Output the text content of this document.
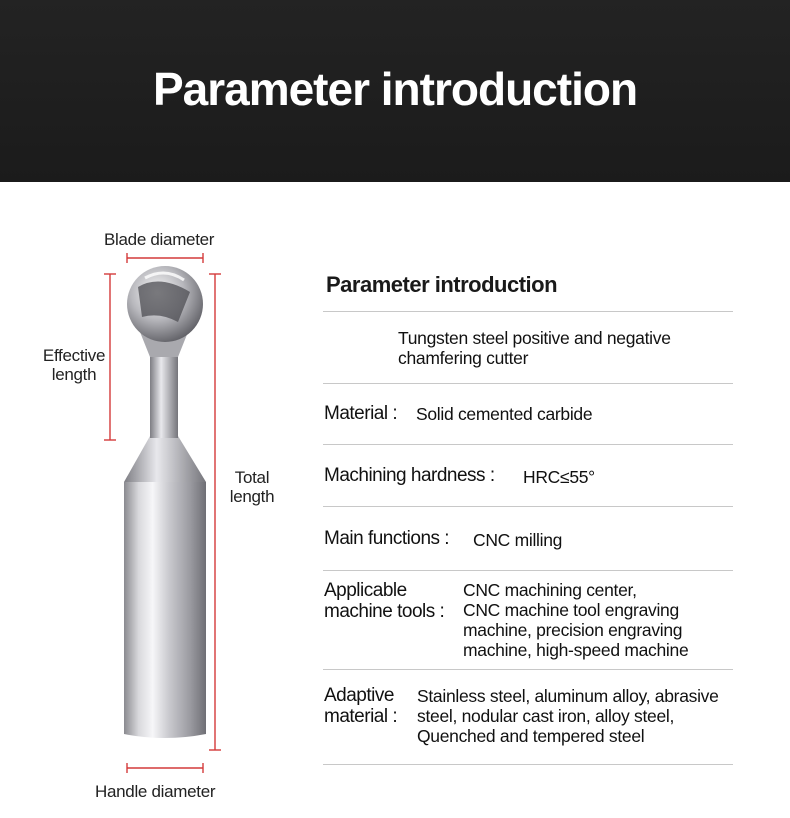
Parameter introduction
Blade diameter
Effective
length
Total
length
Handle diameter
Parameter introduction
Tungsten steel positive and negative
chamfering cutter
Material : Solid cemented carbide
Machining hardness : HRC≤55°
Main functions : CNC milling
Applicable
machine tools :
CNC machining center,
CNC machine tool engraving
machine, precision engraving
machine, high-speed machine
Adaptive
material :
Stainless steel, aluminum alloy, abrasive
steel, nodular cast iron, alloy steel,
Quenched and tempered steel
